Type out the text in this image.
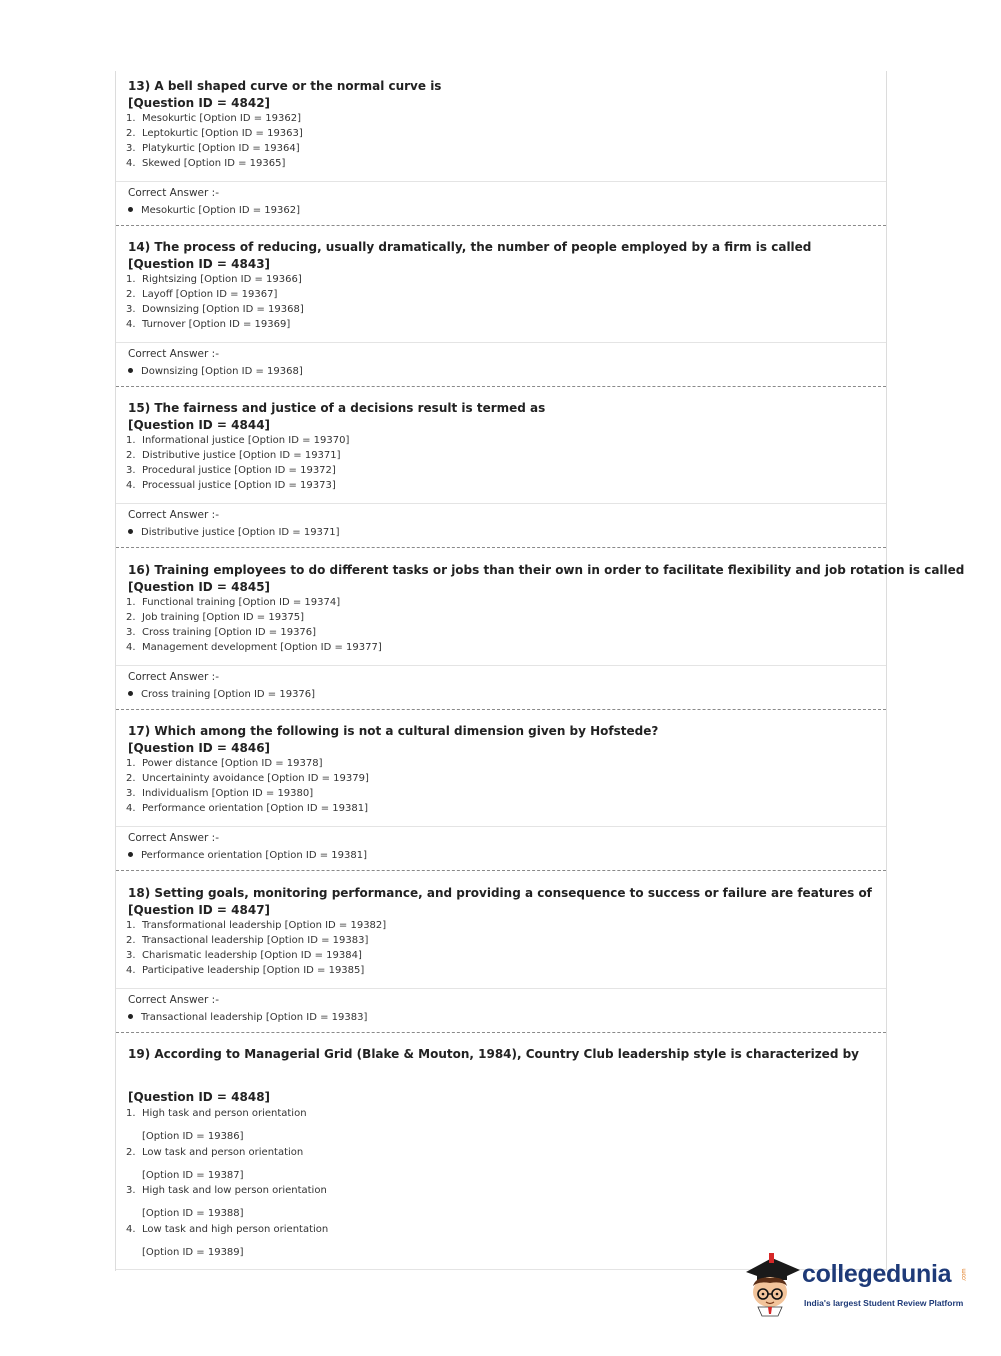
13) A bell shaped curve or the normal curve is
[Question ID = 4842]
1. Mesokurtic [Option ID = 19362]
2. Leptokurtic [Option ID = 19363]
3. Platykurtic [Option ID = 19364]
4. Skewed [Option ID = 19365]
Correct Answer :-
Mesokurtic [Option ID = 19362]
14) The process of reducing, usually dramatically, the number of people employed by a firm is called
[Question ID = 4843]
1. Rightsizing [Option ID = 19366]
2. Layoff [Option ID = 19367]
3. Downsizing [Option ID = 19368]
4. Turnover [Option ID = 19369]
Correct Answer :-
Downsizing [Option ID = 19368]
15) The fairness and justice of a decisions result is termed as
[Question ID = 4844]
1. Informational justice [Option ID = 19370]
2. Distributive justice [Option ID = 19371]
3. Procedural justice [Option ID = 19372]
4. Processual justice [Option ID = 19373]
Correct Answer :-
Distributive justice [Option ID = 19371]
16) Training employees to do different tasks or jobs than their own in order to facilitate flexibility and job rotation is called
[Question ID = 4845]
1. Functional training [Option ID = 19374]
2. Job training [Option ID = 19375]
3. Cross training [Option ID = 19376]
4. Management development [Option ID = 19377]
Correct Answer :-
Cross training [Option ID = 19376]
17) Which among the following is not a cultural dimension given by Hofstede?
[Question ID = 4846]
1. Power distance [Option ID = 19378]
2. Uncertaininty avoidance [Option ID = 19379]
3. Individualism [Option ID = 19380]
4. Performance orientation [Option ID = 19381]
Correct Answer :-
Performance orientation [Option ID = 19381]
18) Setting goals, monitoring performance, and providing a consequence to success or failure are features of
[Question ID = 4847]
1. Transformational leadership [Option ID = 19382]
2. Transactional leadership [Option ID = 19383]
3. Charismatic leadership [Option ID = 19384]
4. Participative leadership [Option ID = 19385]
Correct Answer :-
Transactional leadership [Option ID = 19383]
19) According to Managerial Grid (Blake & Mouton, 1984), Country Club leadership style is characterized by
[Question ID = 4848]
1. High task and person orientation
[Option ID = 19386]
2. Low task and person orientation
[Option ID = 19387]
3. High task and low person orientation
[Option ID = 19388]
4. Low task and high person orientation
[Option ID = 19389]
collegedunia .com
India's largest Student Review Platform
